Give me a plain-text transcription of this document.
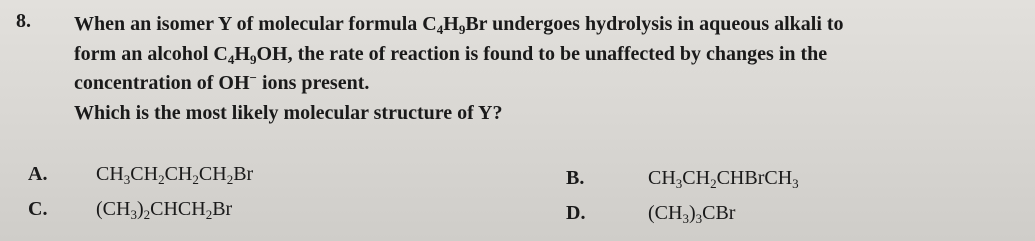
8. When an isomer Y of molecular formula $C_4H_9Br$ undergoes hydrolysis in aqueous alkali to

form an alcohol $C_4H_9OH$, the rate of reaction is found to be unaffected by changes in the

concentration of OH− ions present.

Which is the most likely molecular structure of Y?

A. $CH_3CH_2CH_2CH_2Br$	B.	$CH_3CH_2CHBrCH_3$
C. $(CH_3)_2CHCH_2Br$	D.	$(CH_3)_3CBr$
